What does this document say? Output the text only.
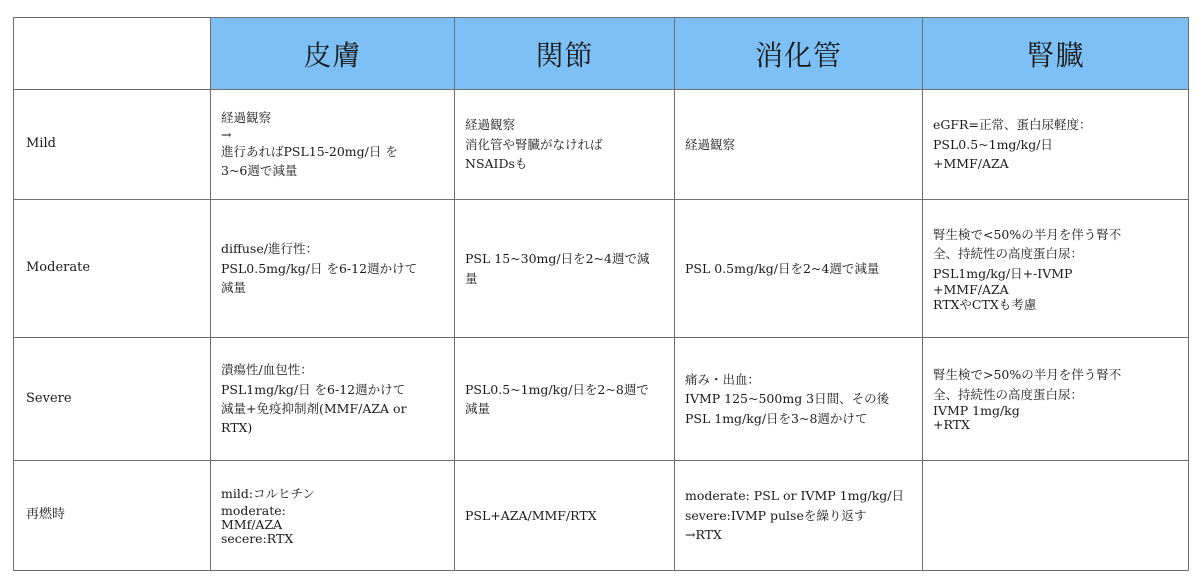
	皮膚	関節	消化管	腎臓
Mild	経過観察
→
進行あればPSL15-20mg/日 を
3~6週で減量	経過観察
消化管や腎臓がなければ
NSAIDsも	経過観察	eGFR=正常、蛋白尿軽度：
PSL0.5~1mg/kg/日
+MMF/AZA

Moderate	diffuse/進行性：
PSL0.5mg/kg/日 を6-12週かけて
減量	PSL 15~30mg/日を2~4週で減
量	PSL 0.5mg/kg/日を2~4週で減量	腎生検で<50%の半月を伴う腎不
全、持続性の高度蛋白尿：
PSL1mg/kg/日+-IVMP
+MMF/AZA
RTXやCTXも考慮

Severe	潰瘍性/血包性：
PSL1mg/kg/日 を6-12週かけて
減量+免疫抑制剤(MMF/AZA or
RTX)	PSL0.5~1mg/kg/日を2~8週で
減量	痛み・出血：
IVMP 125~500mg 3日間、その後
PSL 1mg/kg/日を3~8週かけて	腎生検で>50%の半月を伴う腎不
全、持続性の高度蛋白尿：
IVMP 1mg/kg
+RTX

再燃時	mild:コルヒチン
moderate:
MMf/AZA
secere:RTX	PSL+AZA/MMF/RTX	moderate: PSL or IVMP 1mg/kg/日
severe:IVMP pulseを繰り返す
→RTX	
